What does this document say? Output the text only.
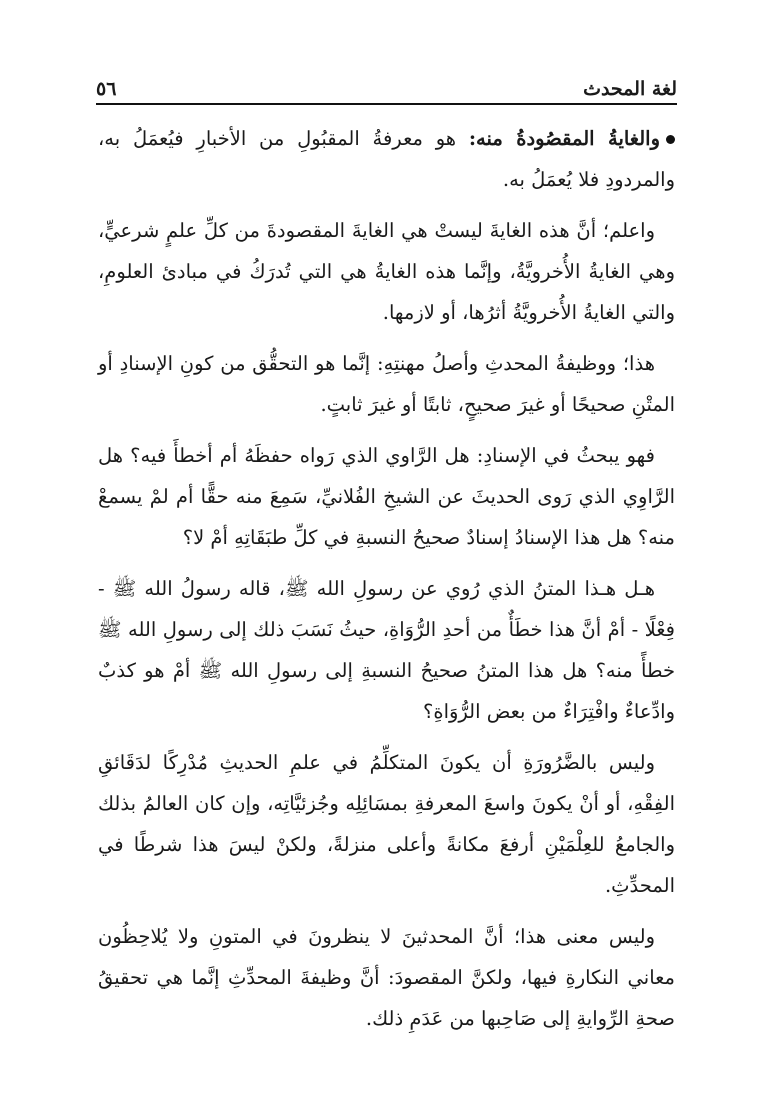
لغة المحدث
٥٦

والغايةُ المقصُودةُ منه: هو معرفةُ المقبُولِ من الأخبارِ فيُعمَلُ به، والمردودِ فلا يُعمَلُ به.

واعلم؛ أنَّ هذه الغايةَ ليستْ هي الغايةَ المقصودةَ من كلِّ علمٍ شرعيٍّ، وهي الغايةُ الأُخرويَّةُ، وإنَّما هذه الغايةُ هي التي تُدرَكُ في مبادئ العلومِ، والتي الغايةُ الأُخرويَّةُ أثرُها، أو لازمها.

هذا؛ ووظيفةُ المحدثِ وأصلُ مهنتِهِ: إنَّما هو التحقُّق من كونِ الإسنادِ أو المتْنِ صحيحًا أو غيرَ صحيحٍ، ثابتًا أو غيرَ ثابتٍ.

فهو يبحثُ في الإسنادِ: هل الرَّاوي الذي رَواه حفظَهُ أم أخطأَ فيه؟ هل الرَّاوِي الذي رَوى الحديثَ عن الشيخِ الفُلانيِّ، سَمِعَ منه حقًّا أم لمْ يسمعْ منه؟ هل هذا الإسنادُ إسنادٌ صحيحُ النسبةِ في كلِّ طبَقَاتِهِ أمْ لا؟

هـل هـذا المتنُ الذي رُوي عن رسولِ الله ﷺ، قاله رسولُ الله ﷺ - فِعْلًا - أمْ أنَّ هذا خطَأٌ من أحدِ الرُّوَاةِ، حيثُ نَسَبَ ذلك إلى رسولِ الله ﷺ خطأً منه؟ هل هذا المتنُ صحيحُ النسبةِ إلى رسولِ الله ﷺ أمْ هو كذبٌ وادِّعاءٌ وافْتِرَاءٌ من بعض الرُّوَاةِ؟

وليس بالضَّرُورَةِ أن يكونَ المتكلِّمُ في علمِ الحديثِ مُدْرِكًا لدَقَائقِ الفِقْهِ، أو أنْ يكونَ واسعَ المعرفةِ بمسَائِلِه وجُزئيَّاتِه، وإن كان العالمُ بذلك والجامعُ للعِلْمَيْنِ أرفعَ مكانةً وأعلى منزلةً، ولكنْ ليسَ هذا شرطًا في المحدِّثِ.

وليس معنى هذا؛ أنَّ المحدثينَ لا ينظرونَ في المتونِ ولا يُلاحِظُون معاني النكارةِ فيها، ولكنَّ المقصودَ: أنَّ وظيفةَ المحدِّثِ إنَّما هي تحقيقُ صحةِ الرِّوايةِ إلى صَاحِبها من عَدَمِ ذلك.
